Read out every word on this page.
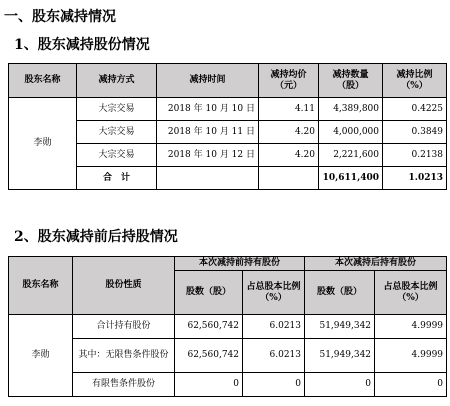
一、股东减持情况
1、股东减持股份情况
股东名称	减持方式	减持时间	减持均价（元）	减持数量（股）	减持比例（%）
李勋	大宗交易	2018 年 10 月 10 日	4.11	4,389,800	0.4225
	大宗交易	2018 年 10 月 11 日	4.20	4,000,000	0.3849
	大宗交易	2018 年 10 月 12 日	4.20	2,221,600	0.2138
	合　计			10,611,400	1.0213
2、股东减持前后持股情况
股东名称	股份性质	本次减持前持有股份		本次减持后持有股份	
		股数（股）	占总股本比例（%）	股数（股）	占总股本比例（%）
李勋	合计持有股份	62,560,742	6.0213	51,949,342	4.9999
	其中：无限售条件股份	62,560,742	6.0213	51,949,342	4.9999
	有限售条件股份	0	0	0	0
